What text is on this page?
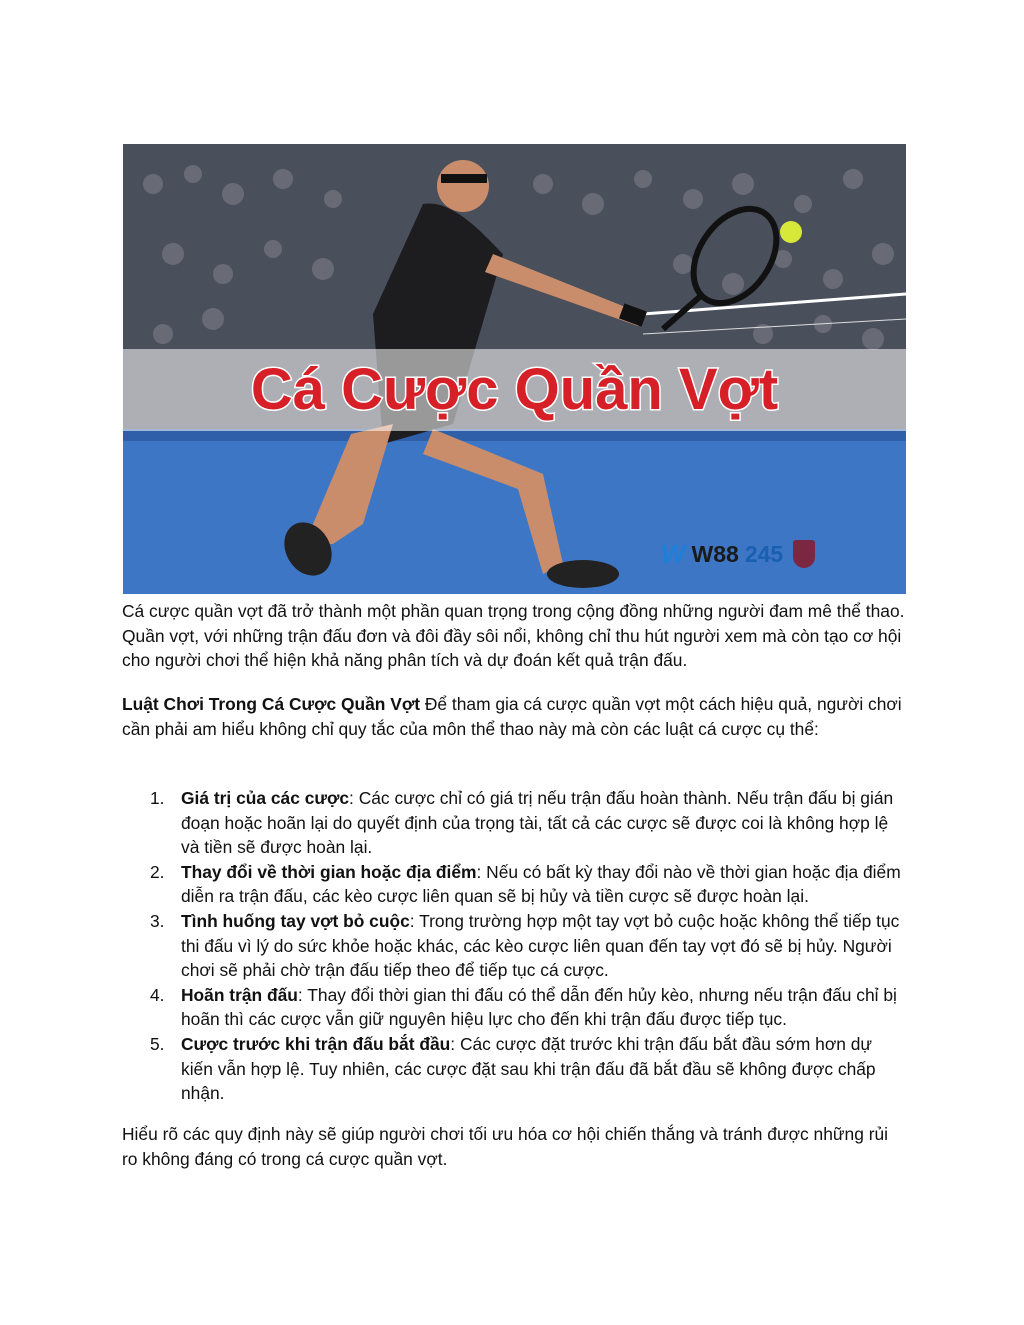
Cá Cược Quần Vợt
W W88 245

Cá cược quần vợt đã trở thành một phần quan trọng trong cộng đồng những người đam mê thể thao. Quần vợt, với những trận đấu đơn và đôi đầy sôi nổi, không chỉ thu hút người xem mà còn tạo cơ hội cho người chơi thể hiện khả năng phân tích và dự đoán kết quả trận đấu.

Luật Chơi Trong Cá Cược Quần Vợt Để tham gia cá cược quần vợt một cách hiệu quả, người chơi cần phải am hiểu không chỉ quy tắc của môn thể thao này mà còn các luật cá cược cụ thể:

1. Giá trị của các cược: Các cược chỉ có giá trị nếu trận đấu hoàn thành. Nếu trận đấu bị gián đoạn hoặc hoãn lại do quyết định của trọng tài, tất cả các cược sẽ được coi là không hợp lệ và tiền sẽ được hoàn lại.
2. Thay đổi về thời gian hoặc địa điểm: Nếu có bất kỳ thay đổi nào về thời gian hoặc địa điểm diễn ra trận đấu, các kèo cược liên quan sẽ bị hủy và tiền cược sẽ được hoàn lại.
3. Tình huống tay vợt bỏ cuộc: Trong trường hợp một tay vợt bỏ cuộc hoặc không thể tiếp tục thi đấu vì lý do sức khỏe hoặc khác, các kèo cược liên quan đến tay vợt đó sẽ bị hủy. Người chơi sẽ phải chờ trận đấu tiếp theo để tiếp tục cá cược.
4. Hoãn trận đấu: Thay đổi thời gian thi đấu có thể dẫn đến hủy kèo, nhưng nếu trận đấu chỉ bị hoãn thì các cược vẫn giữ nguyên hiệu lực cho đến khi trận đấu được tiếp tục.
5. Cược trước khi trận đấu bắt đầu: Các cược đặt trước khi trận đấu bắt đầu sớm hơn dự kiến vẫn hợp lệ. Tuy nhiên, các cược đặt sau khi trận đấu đã bắt đầu sẽ không được chấp nhận.

Hiểu rõ các quy định này sẽ giúp người chơi tối ưu hóa cơ hội chiến thắng và tránh được những rủi ro không đáng có trong cá cược quần vợt.
